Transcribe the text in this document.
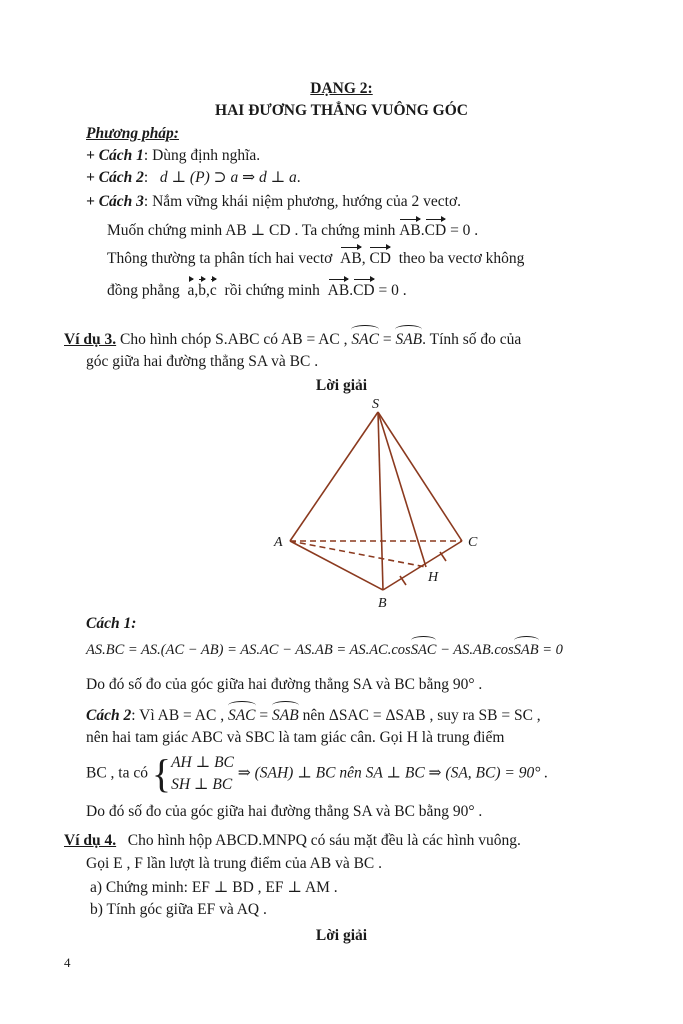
DẠNG 2:
HAI ĐƯƠNG THẲNG VUÔNG GÓC
Phương pháp:
+ Cách 1: Dùng định nghĩa.
+ Cách 2:   d ⊥ (P) ⊃ a ⇒ d ⊥ a.
+ Cách 3: Nắm vững khái niệm phương, hướng của 2 vectơ.
Muốn chứng minh AB ⊥ CD . Ta chứng minh AB.CD = 0 .
Thông thường ta phân tích hai vectơ AB, CD theo ba vectơ không
đồng phẳng a,b,c rồi chứng minh AB.CD = 0 .
Ví dụ 3. Cho hình chóp S.ABC có AB = AC , SAC = SAB. Tính số đo của
góc giữa hai đường thẳng SA và BC .
Lời giải
S
A
B
C
H
Cách 1:
AS.BC = AS.(AC − AB) = AS.AC − AS.AB = AS.AC.cosSAC − AS.AB.cosSAB = 0
Do đó số đo của góc giữa hai đường thẳng SA và BC bằng 90° .
Cách 2: Vì AB = AC , SAC = SAB nên ΔSAC = ΔSAB , suy ra SB = SC ,
nên hai tam giác ABC và SBC là tam giác cân. Gọi H là trung điểm
BC , ta có {AH ⊥ BC
SH ⊥ BC ⇒ (SAH) ⊥ BC nên SA ⊥ BC ⇒ (SA, BC) = 90° .
Do đó số đo của góc giữa hai đường thẳng SA và BC bằng 90° .
Ví dụ 4. Cho hình hộp ABCD.MNPQ có sáu mặt đều là các hình vuông.
Gọi E , F lần lượt là trung điểm của AB và BC .
a) Chứng minh: EF ⊥ BD , EF ⊥ AM .
b) Tính góc giữa EF và AQ .
Lời giải
4
